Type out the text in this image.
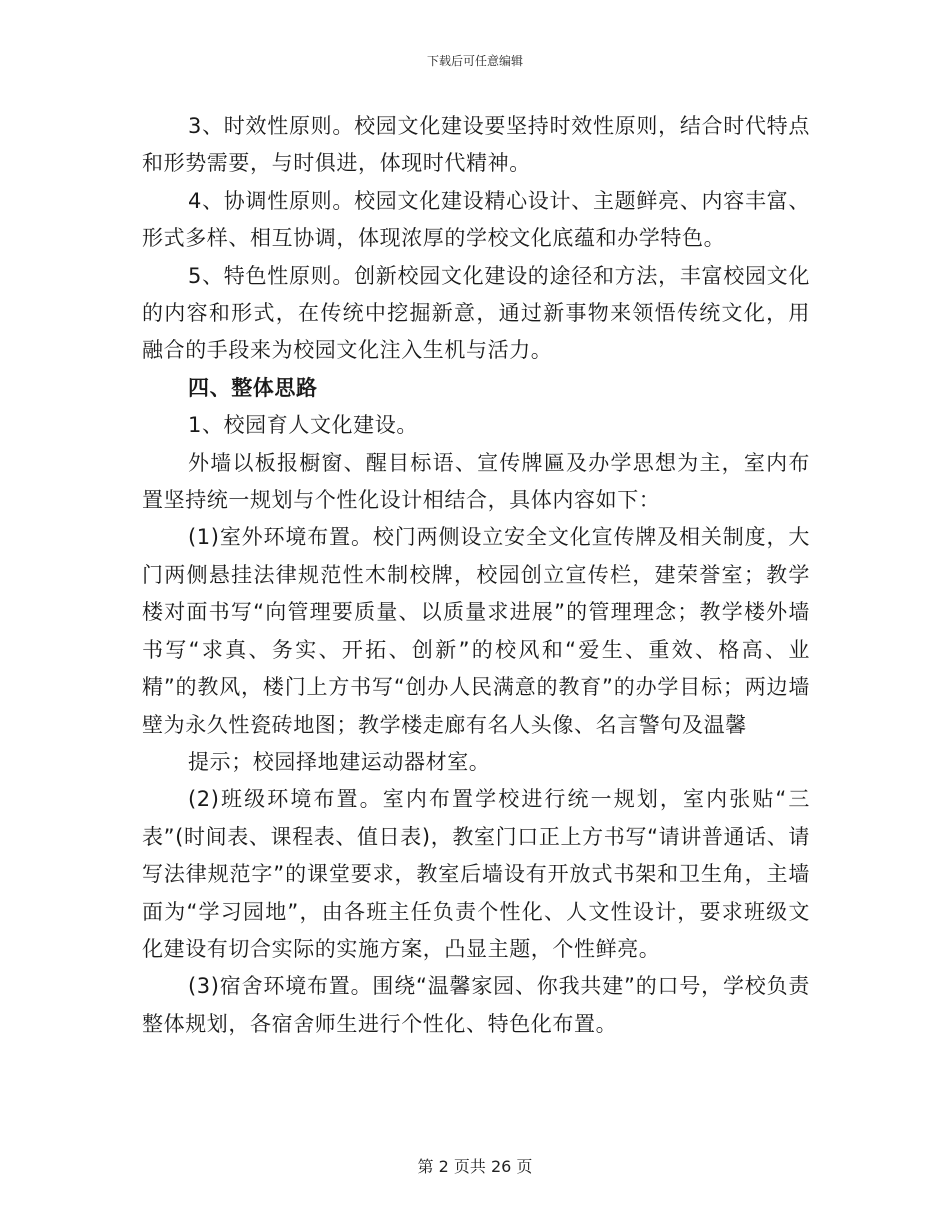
下载后可任意编辑

3、时效性原则。校园文化建设要坚持时效性原则，结合时代特点和形势需要，与时俱进，体现时代精神。

4、协调性原则。校园文化建设精心设计、主题鲜亮、内容丰富、形式多样、相互协调，体现浓厚的学校文化底蕴和办学特色。

5、特色性原则。创新校园文化建设的途径和方法，丰富校园文化的内容和形式，在传统中挖掘新意，通过新事物来领悟传统文化，用融合的手段来为校园文化注入生机与活力。

四、整体思路

1、校园育人文化建设。

外墙以板报橱窗、醒目标语、宣传牌匾及办学思想为主，室内布置坚持统一规划与个性化设计相结合，具体内容如下：

(1)室外环境布置。校门两侧设立安全文化宣传牌及相关制度，大门两侧悬挂法律规范性木制校牌，校园创立宣传栏，建荣誉室；教学楼对面书写“向管理要质量、以质量求进展”的管理理念；教学楼外墙书写“求真、务实、开拓、创新”的校风和“爱生、重效、格高、业精”的教风，楼门上方书写“创办人民满意的教育”的办学目标；两边墙壁为永久性瓷砖地图；教学楼走廊有名人头像、名言警句及温馨

提示；校园择地建运动器材室。

(2)班级环境布置。室内布置学校进行统一规划，室内张贴“三表”(时间表、课程表、值日表)，教室门口正上方书写“请讲普通话、请写法律规范字”的课堂要求，教室后墙设有开放式书架和卫生角，主墙面为“学习园地”，由各班主任负责个性化、人文性设计，要求班级文化建设有切合实际的实施方案，凸显主题，个性鲜亮。

(3)宿舍环境布置。围绕“温馨家园、你我共建”的口号，学校负责整体规划，各宿舍师生进行个性化、特色化布置。

第 2 页共 26 页
